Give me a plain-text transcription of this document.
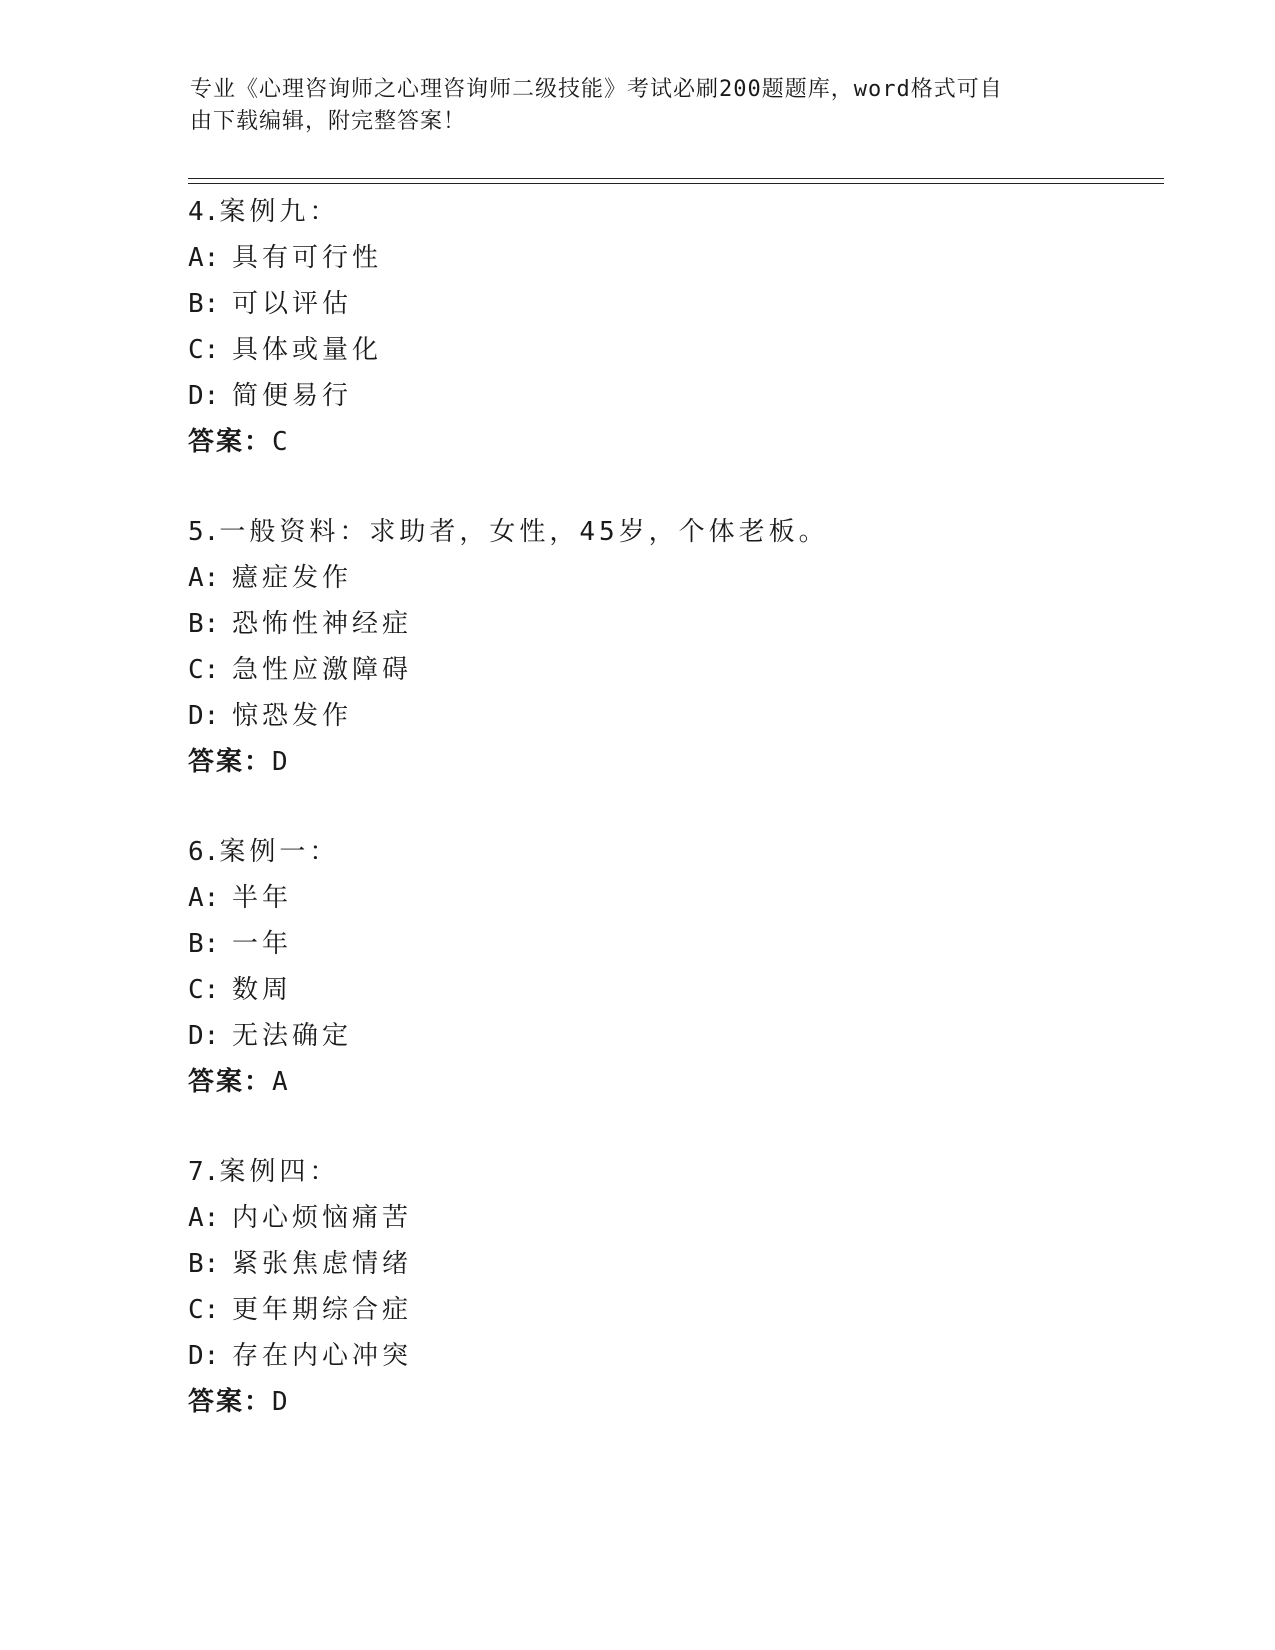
专业《心理咨询师之心理咨询师二级技能》考试必刷200题题库，word格式可自
由下载编辑，附完整答案！
4.案例九：
A: 具有可行性
B: 可以评估
C: 具体或量化
D: 简便易行
答案：C
5.一般资料：求助者，女性，45岁，个体老板。
A: 癔症发作
B: 恐怖性神经症
C: 急性应激障碍
D: 惊恐发作
答案：D
6.案例一：
A: 半年
B: 一年
C: 数周
D: 无法确定
答案：A
7.案例四：
A: 内心烦恼痛苦
B: 紧张焦虑情绪
C: 更年期综合症
D: 存在内心冲突
答案：D
